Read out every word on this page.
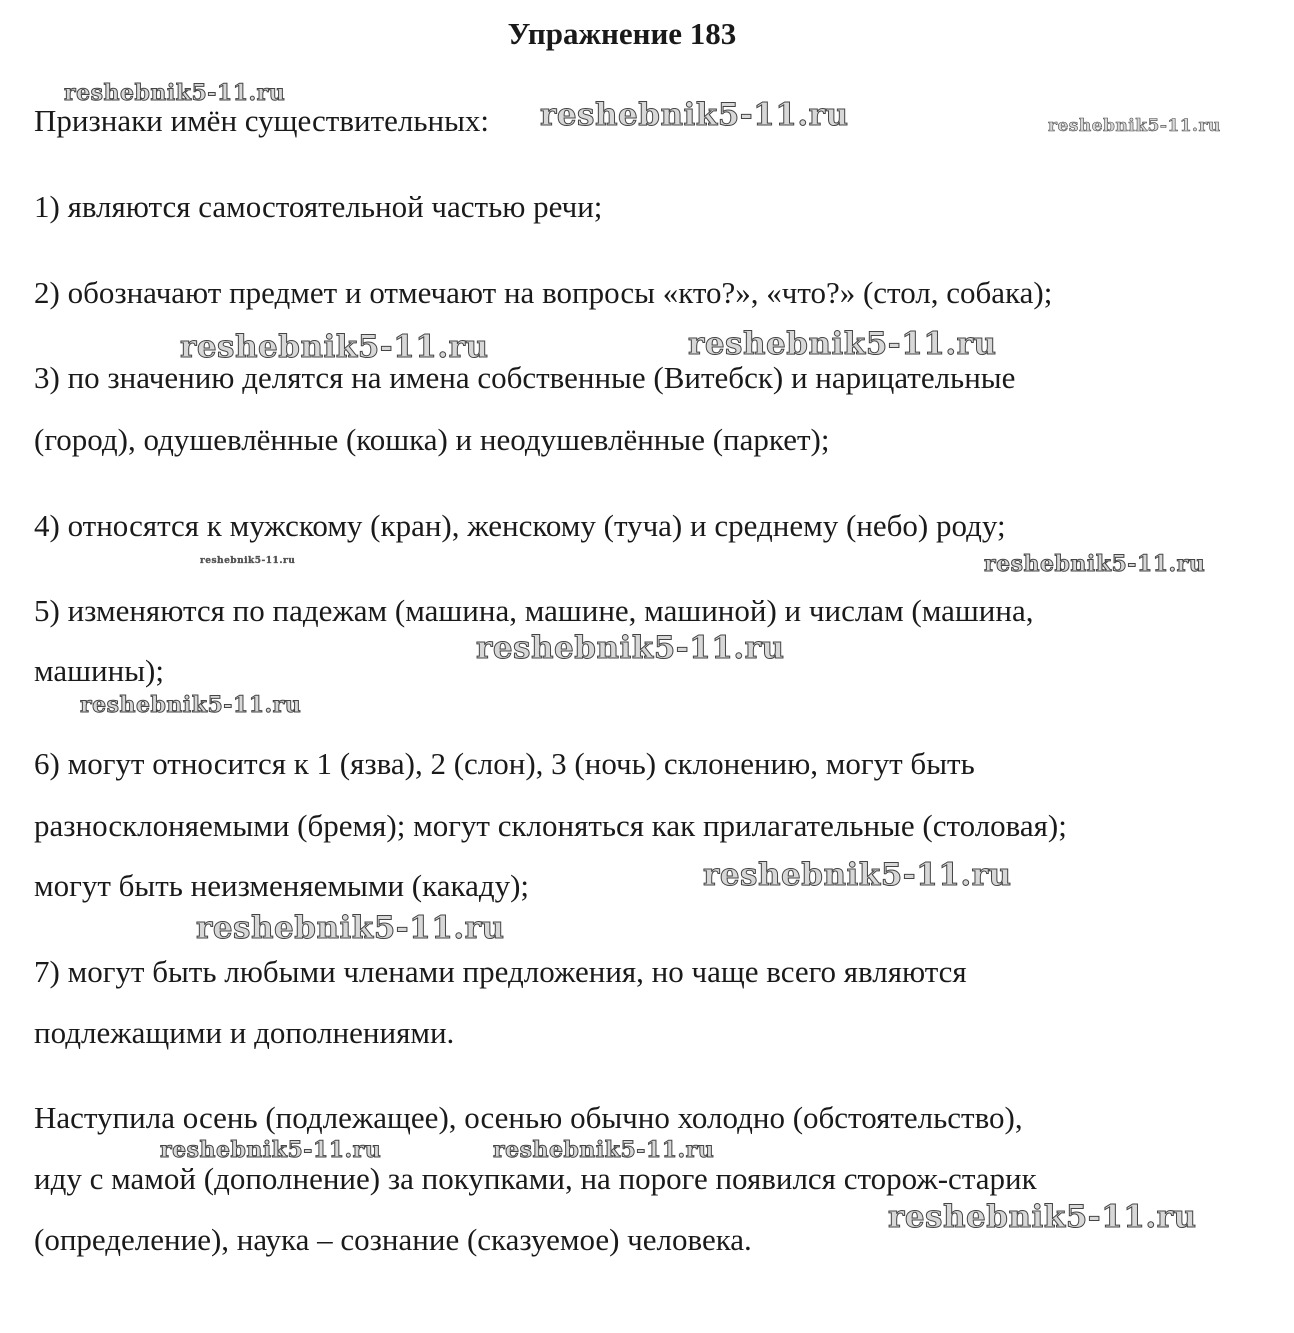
Упражнение 183
Признаки имён существительных:
1) являются самостоятельной частью речи;
2) обозначают предмет и отмечают на вопросы «кто?», «что?» (стол, собака);
3) по значению делятся на имена собственные (Витебск) и нарицательные
(город), одушевлённые (кошка) и неодушевлённые (паркет);
4) относятся к мужскому (кран), женскому (туча) и среднему (небо) роду;
5) изменяются по падежам (машина, машине, машиной) и числам (машина,
машины);
6) могут относится к 1 (язва), 2 (слон), 3 (ночь) склонению, могут быть
разносклоняемыми (бремя); могут склоняться как прилагательные (столовая);
могут быть неизменяемыми (какаду);
7) могут быть любыми членами предложения, но чаще всего являются
подлежащими и дополнениями.
Наступила осень (подлежащее), осенью обычно холодно (обстоятельство),
иду с мамой (дополнение) за покупками, на пороге появился сторож-старик
(определение), наука – сознание (сказуемое) человека.
reshebnik5-11.ru
reshebnik5-11.ru	reshebnik5-11.ru
reshebnik5-11.ru	reshebnik5-11.ru
reshebnik5-11.ru	reshebnik5-11.ru
reshebnik5-11.ru
reshebnik5-11.ru
reshebnik5-11.ru
reshebnik5-11.ru
reshebnik5-11.ru	reshebnik5-11.ru
reshebnik5-11.ru
